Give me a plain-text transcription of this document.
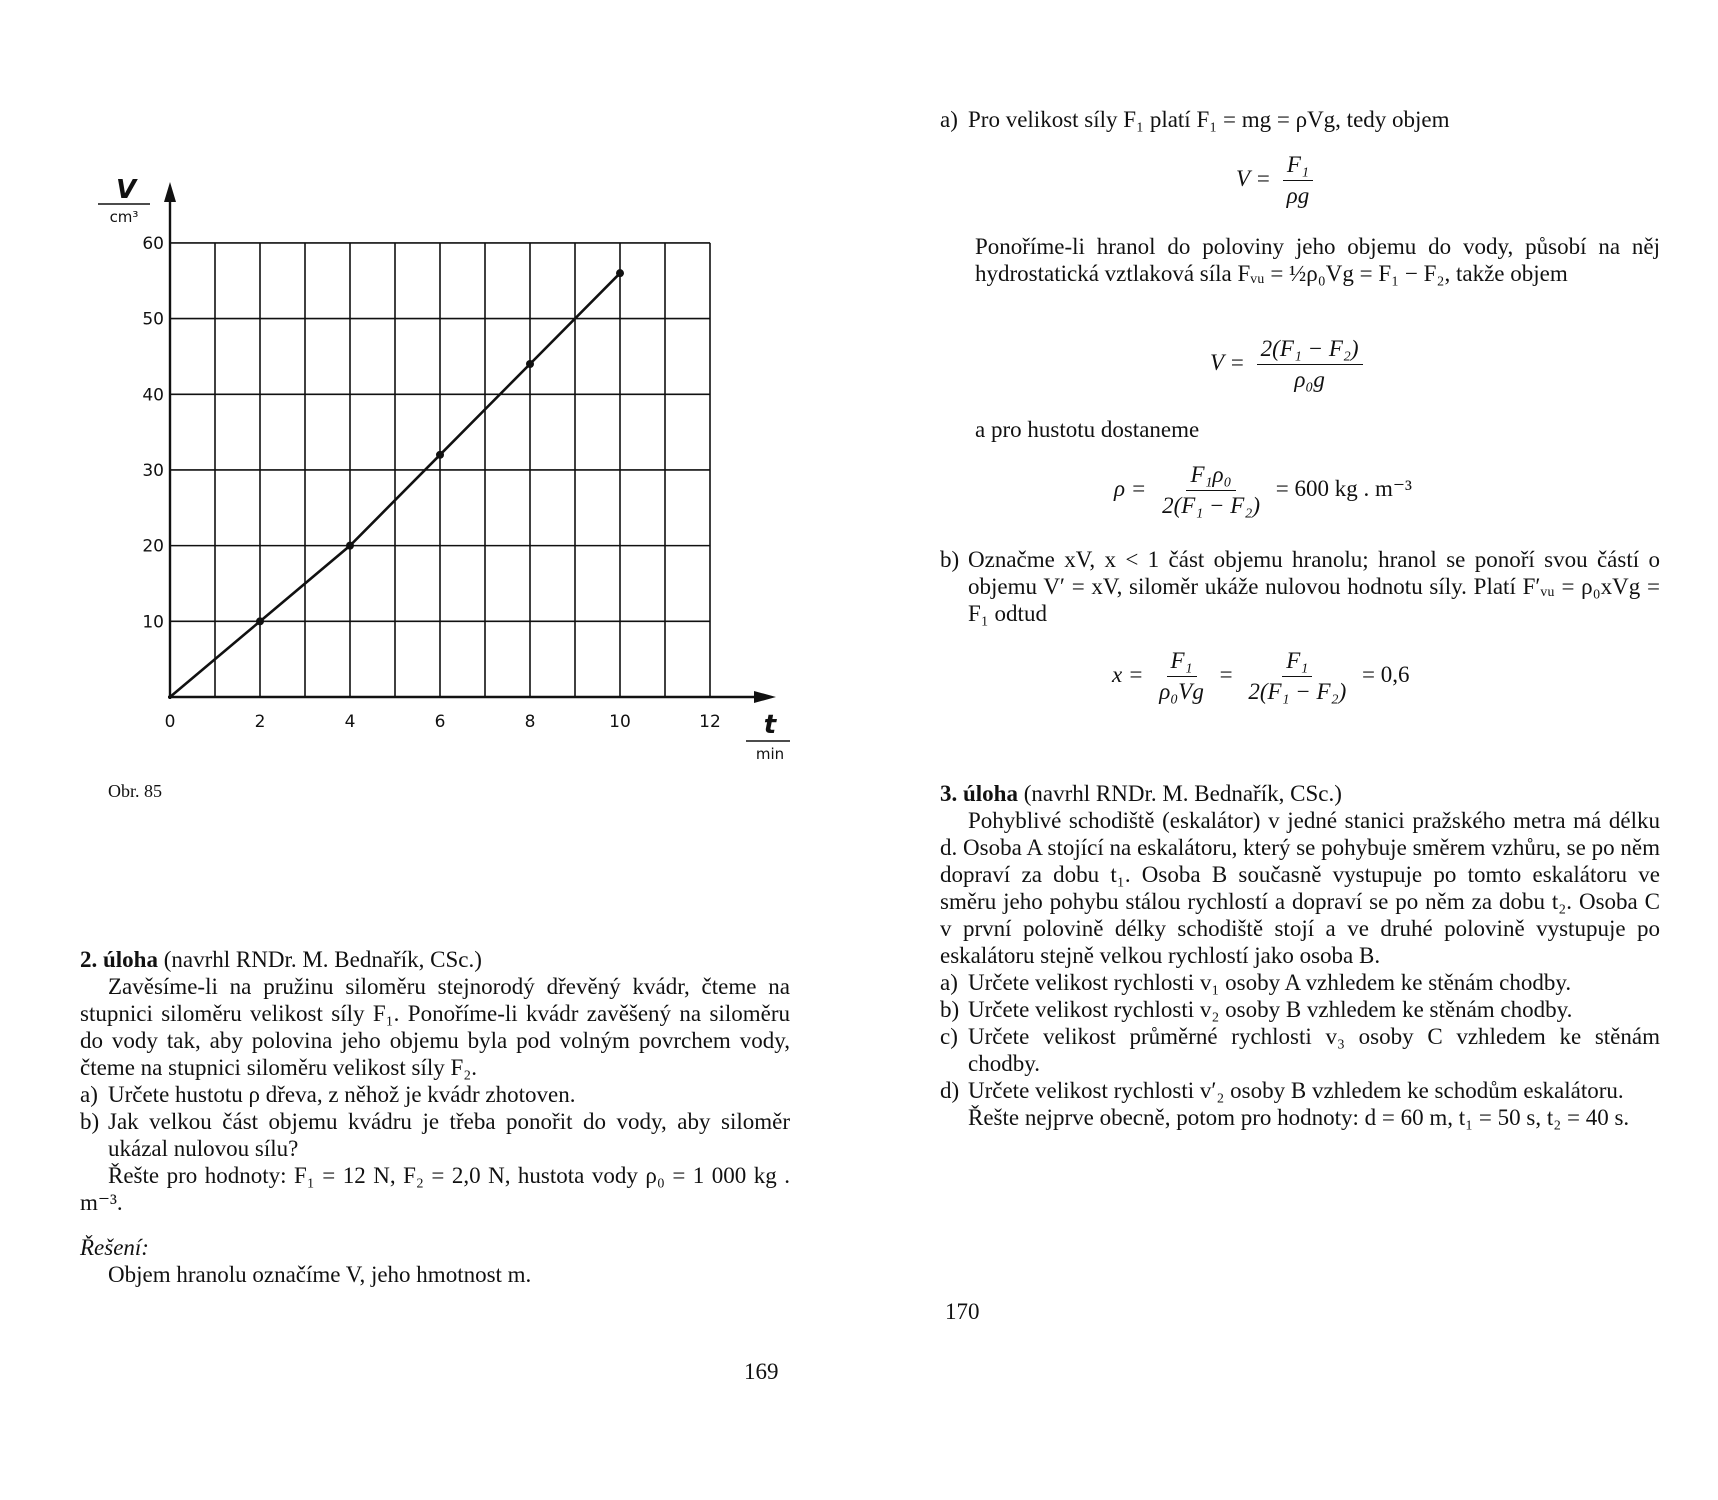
0	2	4	6	8	10	12
10
20
30
40
50
60
V
cm³
t
min
Obr. 85

2. úloha (navrhl RNDr. M. Bednařík, CSc.)

Zavěsíme-li na pružinu siloměru stejnorodý dřevěný kvádr, čteme na stupnici siloměru velikost síly F₁. Ponoříme-li kvádr zavěšený na siloměru do vody tak, aby polovina jeho objemu byla pod volným povrchem vody, čteme na stupnici siloměru velikost síly F₂.

a) Určete hustotu ρ dřeva, z něhož je kvádr zhotoven.
b) Jak velkou část objemu kvádru je třeba ponořit do vody, aby siloměr ukázal nulovou sílu?

Řešte pro hodnoty: F₁ = 12 N, F₂ = 2,0 N, hustota vody ρ₀ = 1 000 kg . m⁻³.

Řešení:

Objem hranolu označíme V, jeho hmotnost m.

169
a) Pro velikost síly F₁ platí F₁ = mg = ρVg, tedy objem
$V = \frac{\text{F₁}}{\rho g}$
Ponoříme-li hranol do poloviny jeho objemu do vody, působí na něj hydrostatická vztlaková síla Fᵥᵤ = ½ρ₀Vg = F₁ − F₂, takže objem
$V = \frac{\text{2(F₁ − F₂)}}{\text{ρ₀g}}$
a pro hustotu dostaneme
$\rho = \frac{\text{F₁ρ₀}}{\text{2(F₁ − F₂)}} = 600$ kg . m⁻³
b) Označme xV, x < 1 část objemu hranolu; hranol se ponoří svou částí o objemu V′ = xV, siloměr ukáže nulovou hodnotu síly. Platí F′ᵥᵤ = ρ₀xVg = F₁ odtud
$x = \frac{\text{F₁}}{\text{ρ₀Vg}} = \frac{\text{F₁}}{\text{2(F₁ − F₂)}} = 0,6$

3. úloha (navrhl RNDr. M. Bednařík, CSc.)

Pohyblivé schodiště (eskalátor) v jedné stanici pražského metra má délku d. Osoba A stojící na eskalátoru, který se pohybuje směrem vzhůru, se po něm dopraví za dobu t₁. Osoba B současně vystupuje po tomto eskalátoru ve směru jeho pohybu stálou rychlostí a dopraví se po něm za dobu t₂. Osoba C v první polovině délky schodiště stojí a ve druhé polovině vystupuje po eskalátoru stejně velkou rychlostí jako osoba B.

a) Určete velikost rychlosti v₁ osoby A vzhledem ke stěnám chodby.
b) Určete velikost rychlosti v₂ osoby B vzhledem ke stěnám chodby.
c) Určete velikost průměrné rychlosti v₃ osoby C vzhledem ke stěnám chodby.
d) Určete velikost rychlosti v′₂ osoby B vzhledem ke schodům eskalátoru.

Řešte nejprve obecně, potom pro hodnoty: d = 60 m, t₁ = 50 s, t₂ = 40 s.

170
